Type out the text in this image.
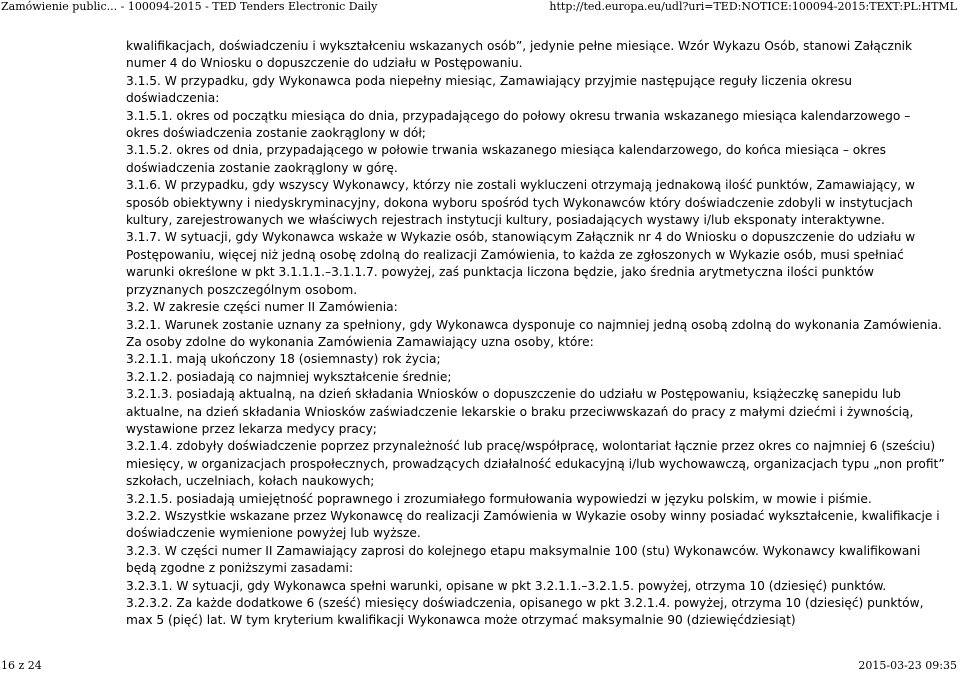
Zamówienie public... - 100094-2015 - TED Tenders Electronic Daily	http://ted.europa.eu/udl?uri=TED:NOTICE:100094-2015:TEXT:PL:HTML

kwalifikacjach, doświadczeniu i wykształceniu wskazanych osób”, jedynie pełne miesiące. Wzór Wykazu Osób, stanowi Załącznik numer 4 do Wniosku o dopuszczenie do udziału w Postępowaniu.

3.1.5. W przypadku, gdy Wykonawca poda niepełny miesiąc, Zamawiający przyjmie następujące reguły liczenia okresu doświadczenia:

3.1.5.1. okres od początku miesiąca do dnia, przypadającego do połowy okresu trwania wskazanego miesiąca kalendarzowego – okres doświadczenia zostanie zaokrąglony w dół;

3.1.5.2. okres od dnia, przypadającego w połowie trwania wskazanego miesiąca kalendarzowego, do końca miesiąca – okres doświadczenia zostanie zaokrąglony w górę.

3.1.6. W przypadku, gdy wszyscy Wykonawcy, którzy nie zostali wykluczeni otrzymają jednakową ilość punktów, Zamawiający, w sposób obiektywny i niedyskryminacyjny, dokona wyboru spośród tych Wykonawców który doświadczenie zdobyli w instytucjach kultury, zarejestrowanych we właściwych rejestrach instytucji kultury, posiadających wystawy i/lub eksponaty interaktywne.

3.1.7. W sytuacji, gdy Wykonawca wskaże w Wykazie osób, stanowiącym Załącznik nr 4 do Wniosku o dopuszczenie do udziału w Postępowaniu, więcej niż jedną osobę zdolną do realizacji Zamówienia, to każda ze zgłoszonych w Wykazie osób, musi spełniać warunki określone w pkt 3.1.1.1.–3.1.1.7. powyżej, zaś punktacja liczona będzie, jako średnia arytmetyczna ilości punktów przyznanych poszczególnym osobom.

3.2. W zakresie części numer II Zamówienia:

3.2.1. Warunek zostanie uznany za spełniony, gdy Wykonawca dysponuje co najmniej jedną osobą zdolną do wykonania Zamówienia.

Za osoby zdolne do wykonania Zamówienia Zamawiający uzna osoby, które:

3.2.1.1. mają ukończony 18 (osiemnasty) rok życia;

3.2.1.2. posiadają co najmniej wykształcenie średnie;

3.2.1.3. posiadają aktualną, na dzień składania Wniosków o dopuszczenie do udziału w Postępowaniu, książeczkę sanepidu lub aktualne, na dzień składania Wniosków zaświadczenie lekarskie o braku przeciwwskazań do pracy z małymi dziećmi i żywnością, wystawione przez lekarza medycy pracy;

3.2.1.4. zdobyły doświadczenie poprzez przynależność lub pracę/współpracę, wolontariat łącznie przez okres co najmniej 6 (sześciu) miesięcy, w organizacjach prospołecznych, prowadzących działalność edukacyjną i/lub wychowawczą, organizacjach typu „non profit” szkołach, uczelniach, kołach naukowych;

3.2.1.5. posiadają umiejętność poprawnego i zrozumiałego formułowania wypowiedzi w języku polskim, w mowie i piśmie.

3.2.2. Wszystkie wskazane przez Wykonawcę do realizacji Zamówienia w Wykazie osoby winny posiadać wykształcenie, kwalifikacje i doświadczenie wymienione powyżej lub wyższe.

3.2.3. W części numer II Zamawiający zaprosi do kolejnego etapu maksymalnie 100 (stu) Wykonawców. Wykonawcy kwalifikowani będą zgodne z poniższymi zasadami:

3.2.3.1. W sytuacji, gdy Wykonawca spełni warunki, opisane w pkt 3.2.1.1.–3.2.1.5. powyżej, otrzyma 10 (dziesięć) punktów.

3.2.3.2. Za każde dodatkowe 6 (sześć) miesięcy doświadczenia, opisanego w pkt 3.2.1.4. powyżej, otrzyma 10 (dziesięć) punktów, max 5 (pięć) lat. W tym kryterium kwalifikacji Wykonawca może otrzymać maksymalnie 90 (dziewięćdziesiąt)

16 z 24	2015-03-23 09:35
